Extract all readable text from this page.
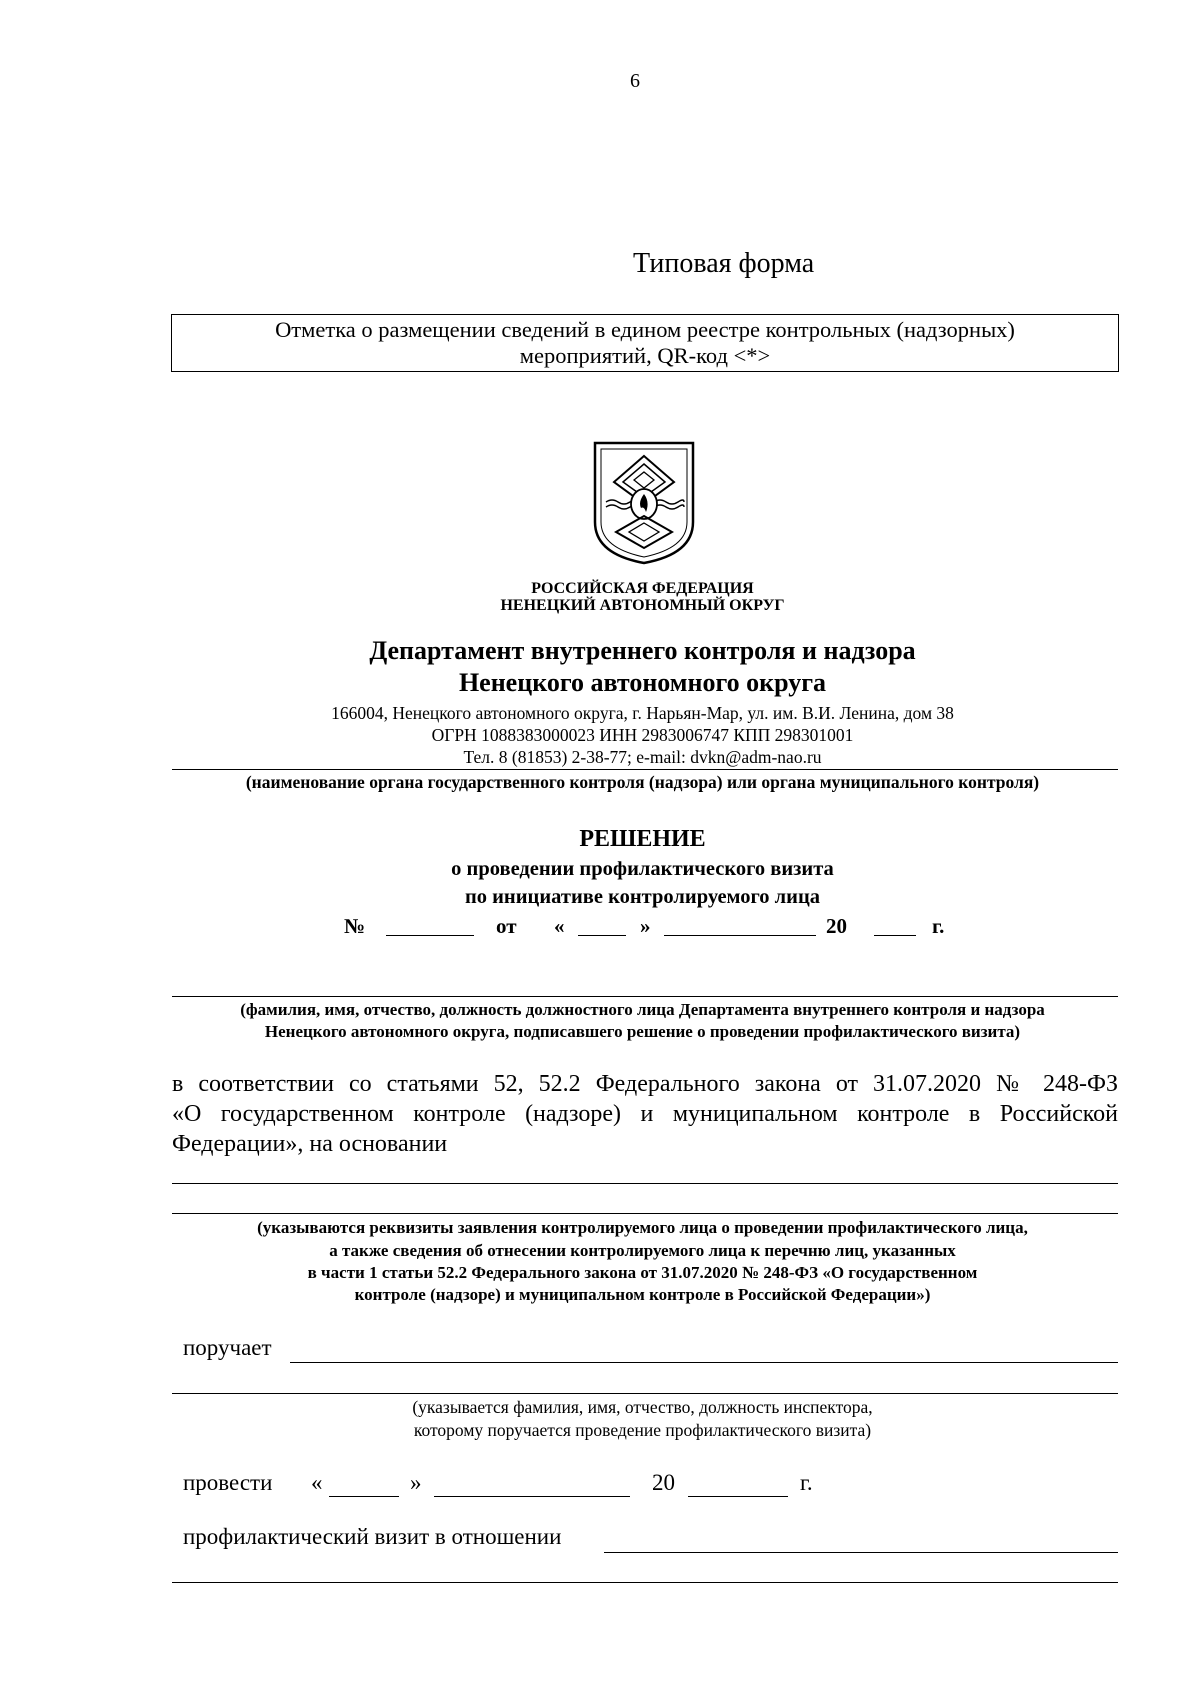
6
Типовая форма
Отметка о размещении сведений в едином реестре контрольных (надзорных)
мероприятий, QR-код <*>
РОССИЙСКАЯ ФЕДЕРАЦИЯ
НЕНЕЦКИЙ АВТОНОМНЫЙ ОКРУГ
Департамент внутреннего контроля и надзора
Ненецкого автономного округа
166004, Ненецкого автономного округа, г. Нарьян-Мар, ул. им. В.И. Ленина, дом 38
ОГРН 1088383000023 ИНН 2983006747 КПП 298301001
Тел. 8 (81853) 2-38-77; e-mail: dvkn@adm-nao.ru
(наименование органа государственного контроля (надзора) или органа муниципального контроля)
РЕШЕНИЕ
о проведении профилактического визита
по инициативе контролируемого лица
№	от «	»	20	г.
(фамилия, имя, отчество, должность должностного лица Департамента внутреннего контроля и надзора
Ненецкого автономного округа, подписавшего решение о проведении профилактического визита)
в соответствии со статьями 52, 52.2 Федерального закона от 31.07.2020 № 248-ФЗ
«О государственном контроле (надзоре) и муниципальном контроле в Российской
Федерации», на основании
(указываются реквизиты заявления контролируемого лица о проведении профилактического лица,
а также сведения об отнесении контролируемого лица к перечню лиц, указанных
в части 1 статьи 52.2 Федерального закона от 31.07.2020 № 248-ФЗ «О государственном
контроле (надзоре) и муниципальном контроле в Российской Федерации»)
поручает
(указывается фамилия, имя, отчество, должность инспектора,
которому поручается проведение профилактического визита)
провести «	»	20	г.
профилактический визит в отношении
